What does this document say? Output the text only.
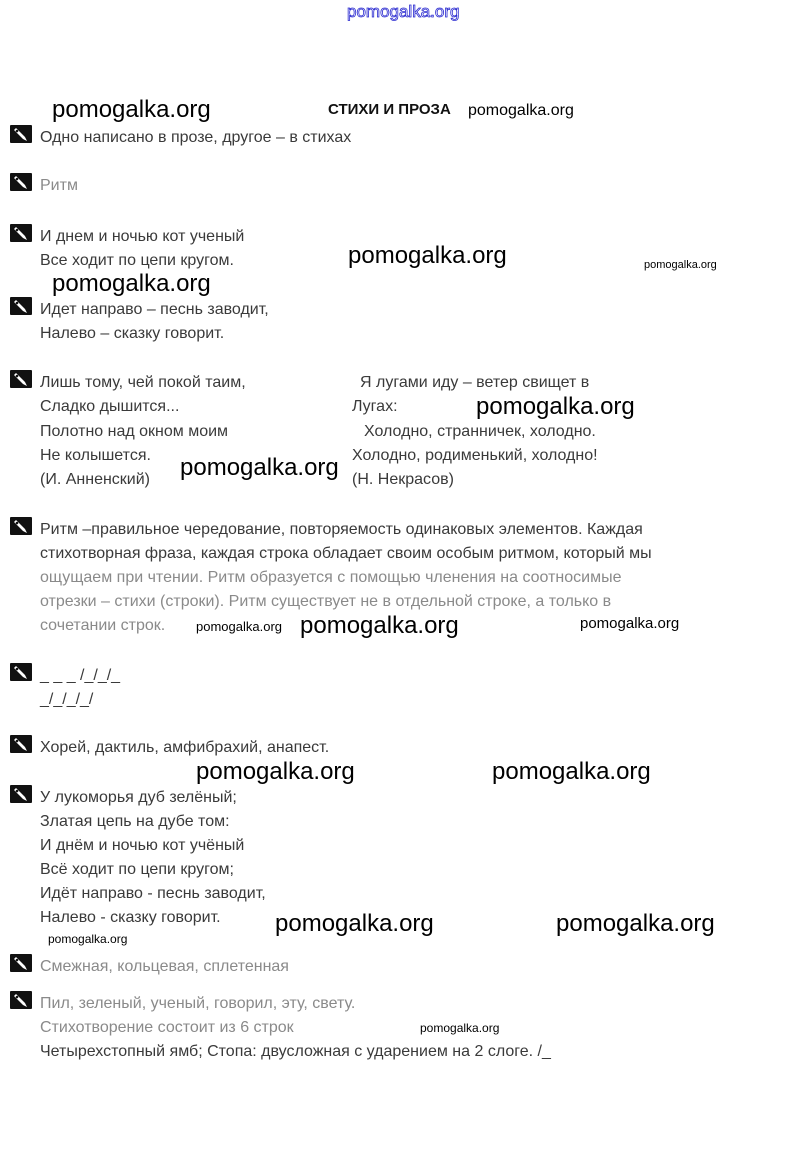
pomogalka.org
pomogalka.org	pomogalka.org
pomogalka.org	pomogalka.org
pomogalka.org
pomogalka.org
pomogalka.org
pomogalka.org pomogalka.org	pomogalka.org
pomogalka.org	pomogalka.org
pomogalka.org	pomogalka.org
pomogalka.org
pomogalka.org
СТИХИ И ПРОЗА
Одно написано в прозе, другое – в стихах
Ритм
И днем и ночью кот ученый
Все ходит по цепи кругом.
Идет направо – песнь заводит,
Налево – сказку говорит.
Лишь тому, чей покой таим,
Сладко дышится...
Полотно над окном моим
Не колышется.
(И. Анненский)
Я лугами иду – ветер свищет в
Лугах:
Холодно, странничек, холодно.
Холодно, родименький, холодно!
(Н. Некрасов)
Ритм –правильное чередование, повторяемость одинаковых элементов. Каждая
стихотворная фраза, каждая строка обладает своим особым ритмом, который мы
ощущаем при чтении. Ритм образуется с помощью членения на соотносимые
отрезки – стихи (строки). Ритм существует не в отдельной строке, а только в
сочетании строк.
_ _ _ /_/_/_
_/_/_/_/
Хорей, дактиль, амфибрахий, анапест.
У лукоморья дуб зелёный;
Златая цепь на дубе том:
И днём и ночью кот учёный
Всё ходит по цепи кругом;
Идёт направо - песнь заводит,
Налево - сказку говорит.
Смежная, кольцевая, сплетенная
Пил, зеленый, ученый, говорил, эту, свету.
Стихотворение состоит из 6 строк
Четырехстопный ямб; Стопа: двусложная с ударением на 2 слоге. /_
